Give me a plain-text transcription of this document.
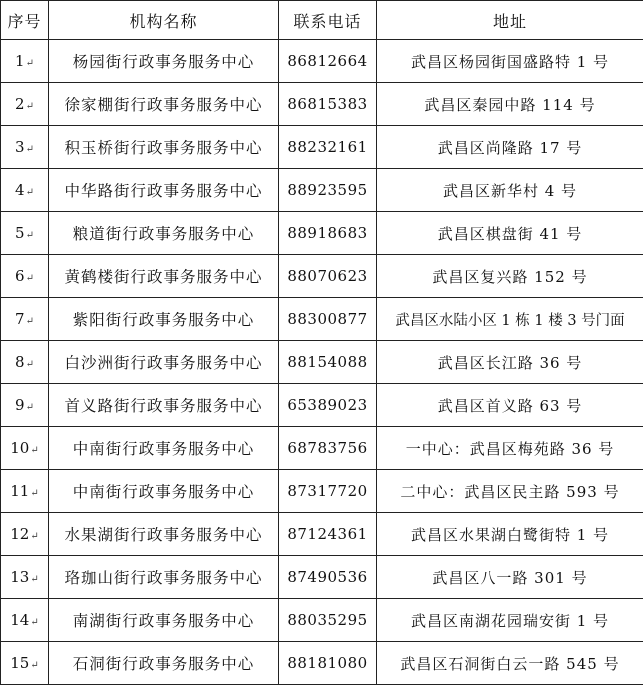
序号	机构名称	联系电话	地址
1↵	杨园街行政事务服务中心	86812664	武昌区杨园街国盛路特 1 号
2↵	徐家棚街行政事务服务中心	86815383	武昌区秦园中路 114 号
3↵	积玉桥街行政事务服务中心	88232161	武昌区尚隆路 17 号
4↵	中华路街行政事务服务中心	88923595	武昌区新华村 4 号
5↵	粮道街行政事务服务中心	88918683	武昌区棋盘街 41 号
6↵	黄鹤楼街行政事务服务中心	88070623	武昌区复兴路 152 号
7↵	紫阳街行政事务服务中心	88300877	武昌区水陆小区 1 栋 1 楼 3 号门面
8↵	白沙洲街行政事务服务中心	88154088	武昌区长江路 36 号
9↵	首义路街行政事务服务中心	65389023	武昌区首义路 63 号
10↵	中南街行政事务服务中心	68783756	一中心：武昌区梅苑路 36 号
11↵	中南街行政事务服务中心	87317720	二中心：武昌区民主路 593 号
12↵	水果湖街行政事务服务中心	87124361	武昌区水果湖白鹭街特 1 号
13↵	珞珈山街行政事务服务中心	87490536	武昌区八一路 301 号
14↵	南湖街行政事务服务中心	88035295	武昌区南湖花园瑞安街 1 号
15↵	石洞街行政事务服务中心	88181080	武昌区石洞街白云一路 545 号
